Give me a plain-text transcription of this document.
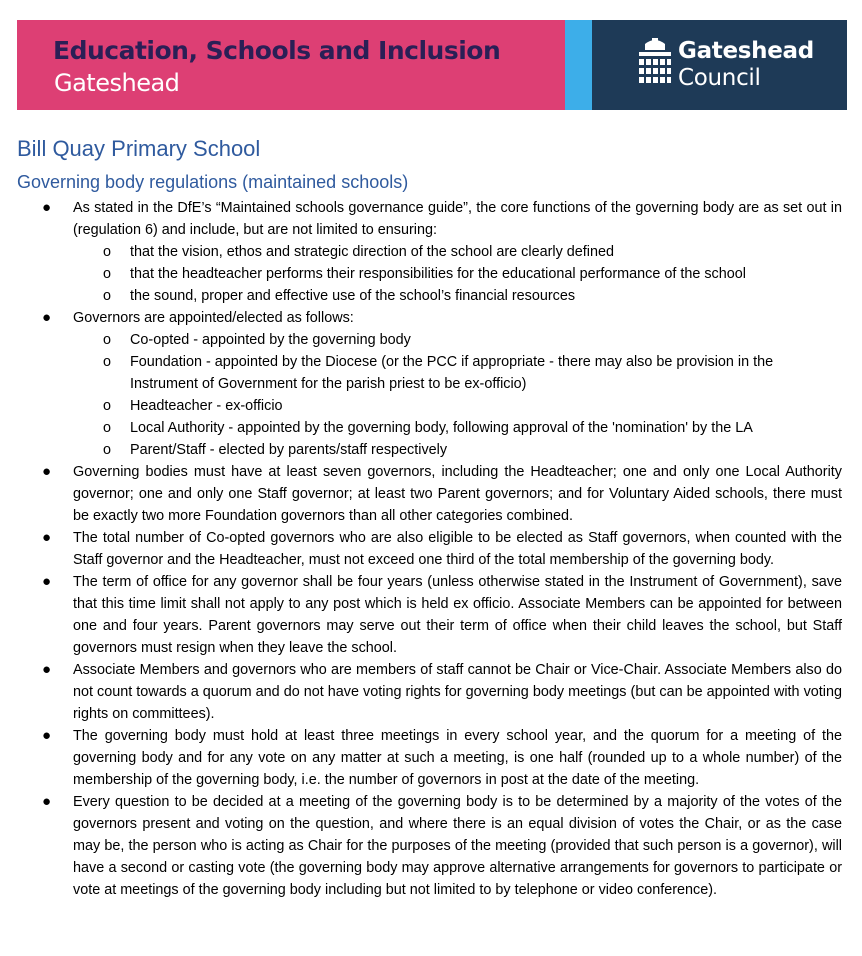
Education, Schools and Inclusion
Gateshead
Gateshead
Council
Bill Quay Primary School
Governing body regulations (maintained schools)
● As stated in the DfE’s “Maintained schools governance guide”, the core functions of the governing body are as set out in (regulation 6) and include, but are not limited to ensuring:
o that the vision, ethos and strategic direction of the school are clearly defined
o that the headteacher performs their responsibilities for the educational performance of the school
o the sound, proper and effective use of the school’s financial resources
● Governors are appointed/elected as follows:
o Co-opted - appointed by the governing body
o Foundation - appointed by the Diocese (or the PCC if appropriate - there may also be provision in the Instrument of Government for the parish priest to be ex-officio)
o Headteacher - ex-officio
o Local Authority - appointed by the governing body, following approval of the 'nomination' by the LA
o Parent/Staff - elected by parents/staff respectively
● Governing bodies must have at least seven governors, including the Headteacher; one and only one Local Authority governor; one and only one Staff governor; at least two Parent governors; and for Voluntary Aided schools, there must be exactly two more Foundation governors than all other categories combined.
● The total number of Co-opted governors who are also eligible to be elected as Staff governors, when counted with the Staff governor and the Headteacher, must not exceed one third of the total membership of the governing body.
● The term of office for any governor shall be four years (unless otherwise stated in the Instrument of Government), save that this time limit shall not apply to any post which is held ex officio. Associate Members can be appointed for between one and four years. Parent governors may serve out their term of office when their child leaves the school, but Staff governors must resign when they leave the school.
● Associate Members and governors who are members of staff cannot be Chair or Vice-Chair. Associate Members also do not count towards a quorum and do not have voting rights for governing body meetings (but can be appointed with voting rights on committees).
● The governing body must hold at least three meetings in every school year, and the quorum for a meeting of the governing body and for any vote on any matter at such a meeting, is one half (rounded up to a whole number) of the membership of the governing body, i.e. the number of governors in post at the date of the meeting.
● Every question to be decided at a meeting of the governing body is to be determined by a majority of the votes of the governors present and voting on the question, and where there is an equal division of votes the Chair, or as the case may be, the person who is acting as Chair for the purposes of the meeting (provided that such person is a governor), will have a second or casting vote (the governing body may approve alternative arrangements for governors to participate or vote at meetings of the governing body including but not limited to by telephone or video conference).
